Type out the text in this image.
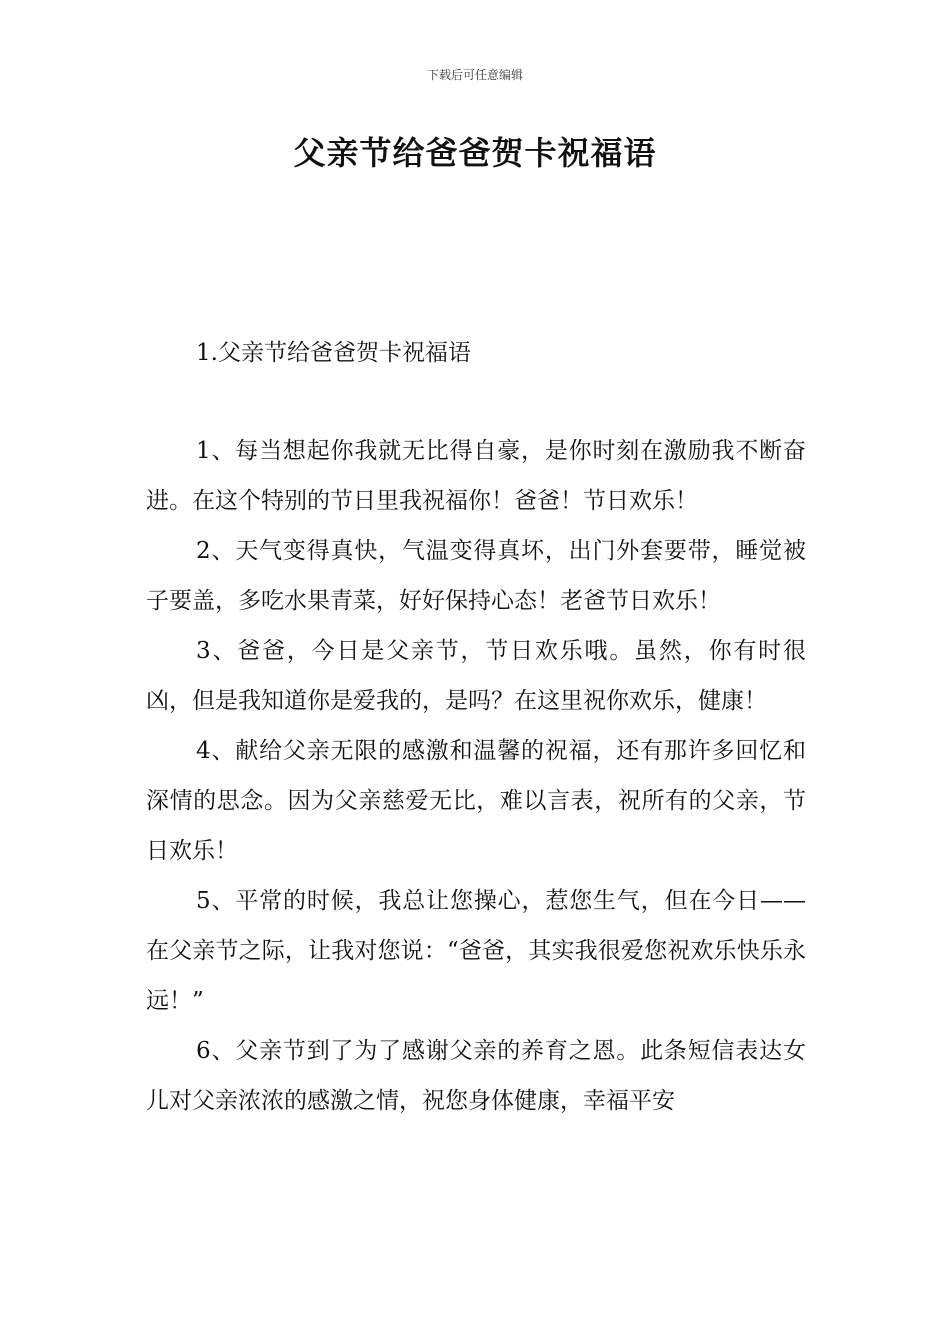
下载后可任意编辑
父亲节给爸爸贺卡祝福语
1.父亲节给爸爸贺卡祝福语

1、每当想起你我就无比得自豪，是你时刻在激励我不断奋进。在这个特别的节日里我祝福你！爸爸！节日欢乐！

2、天气变得真快，气温变得真坏，出门外套要带，睡觉被子要盖，多吃水果青菜，好好保持心态！老爸节日欢乐！

3、爸爸，今日是父亲节，节日欢乐哦。虽然，你有时很凶，但是我知道你是爱我的，是吗？在这里祝你欢乐，健康！

4、献给父亲无限的感激和温馨的祝福，还有那许多回忆和深情的思念。因为父亲慈爱无比，难以言表，祝所有的父亲，节日欢乐！

5、平常的时候，我总让您操心，惹您生气，但在今日——在父亲节之际，让我对您说：“爸爸，其实我很爱您祝欢乐快乐永远！”

6、父亲节到了为了感谢父亲的养育之恩。此条短信表达女儿对父亲浓浓的感激之情，祝您身体健康，幸福平安
